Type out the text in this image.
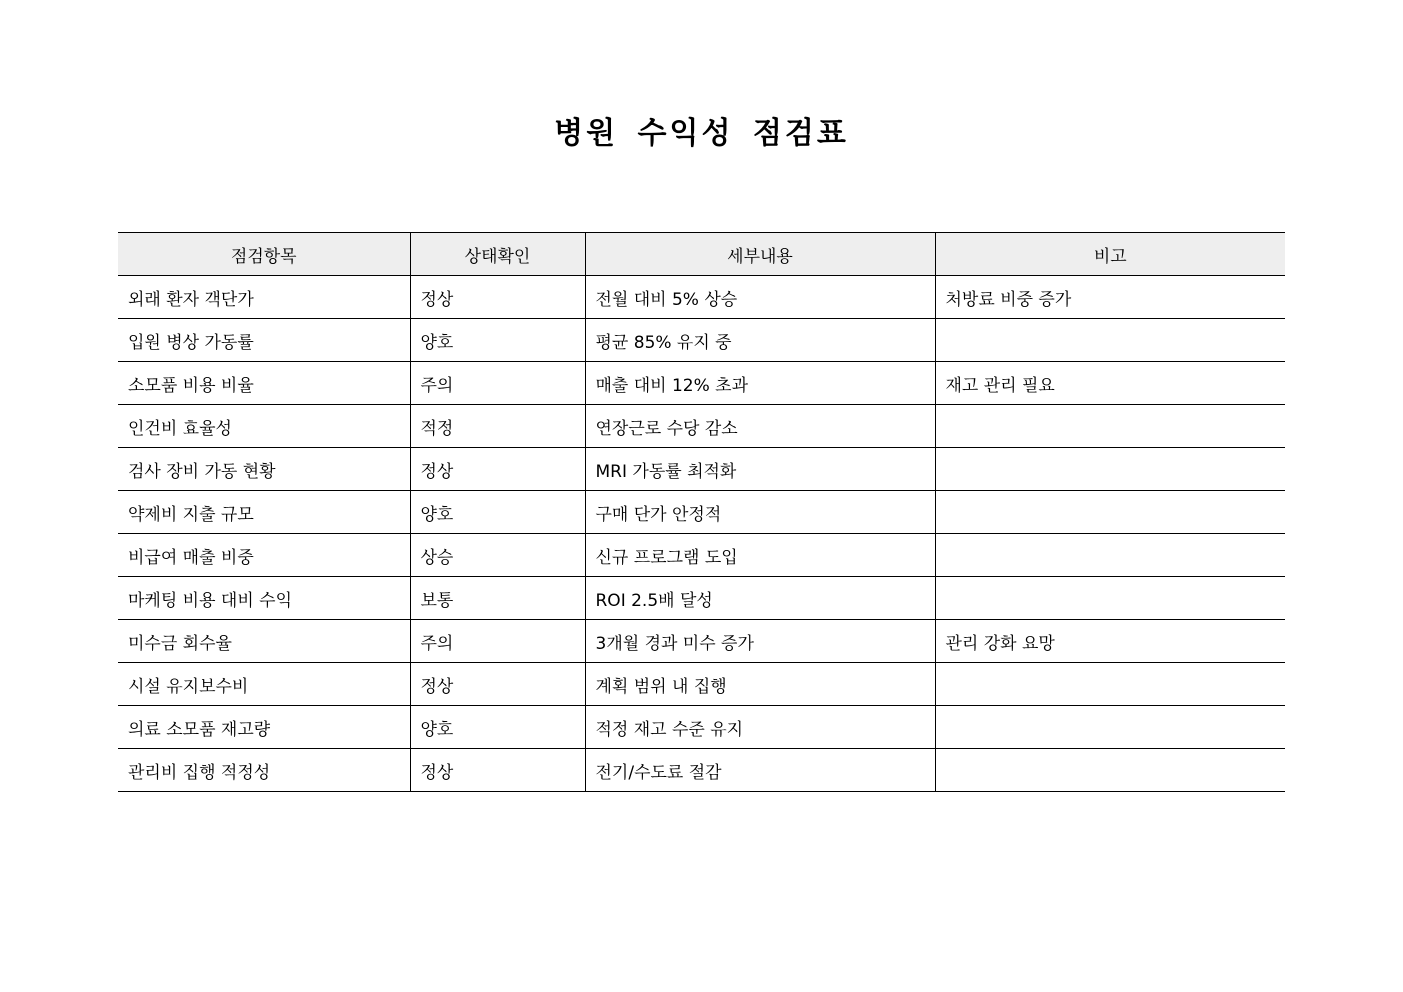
병원 수익성 점검표
점검항목	상태확인	세부내용	비고
외래 환자 객단가	정상	전월 대비 5% 상승	처방료 비중 증가
입원 병상 가동률	양호	평균 85% 유지 중	
소모품 비용 비율	주의	매출 대비 12% 초과	재고 관리 필요
인건비 효율성	적정	연장근로 수당 감소	
검사 장비 가동 현황	정상	MRI 가동률 최적화	
약제비 지출 규모	양호	구매 단가 안정적	
비급여 매출 비중	상승	신규 프로그램 도입	
마케팅 비용 대비 수익	보통	ROI 2.5배 달성	
미수금 회수율	주의	3개월 경과 미수 증가	관리 강화 요망
시설 유지보수비	정상	계획 범위 내 집행	
의료 소모품 재고량	양호	적정 재고 수준 유지	
관리비 집행 적정성	정상	전기/수도료 절감	
